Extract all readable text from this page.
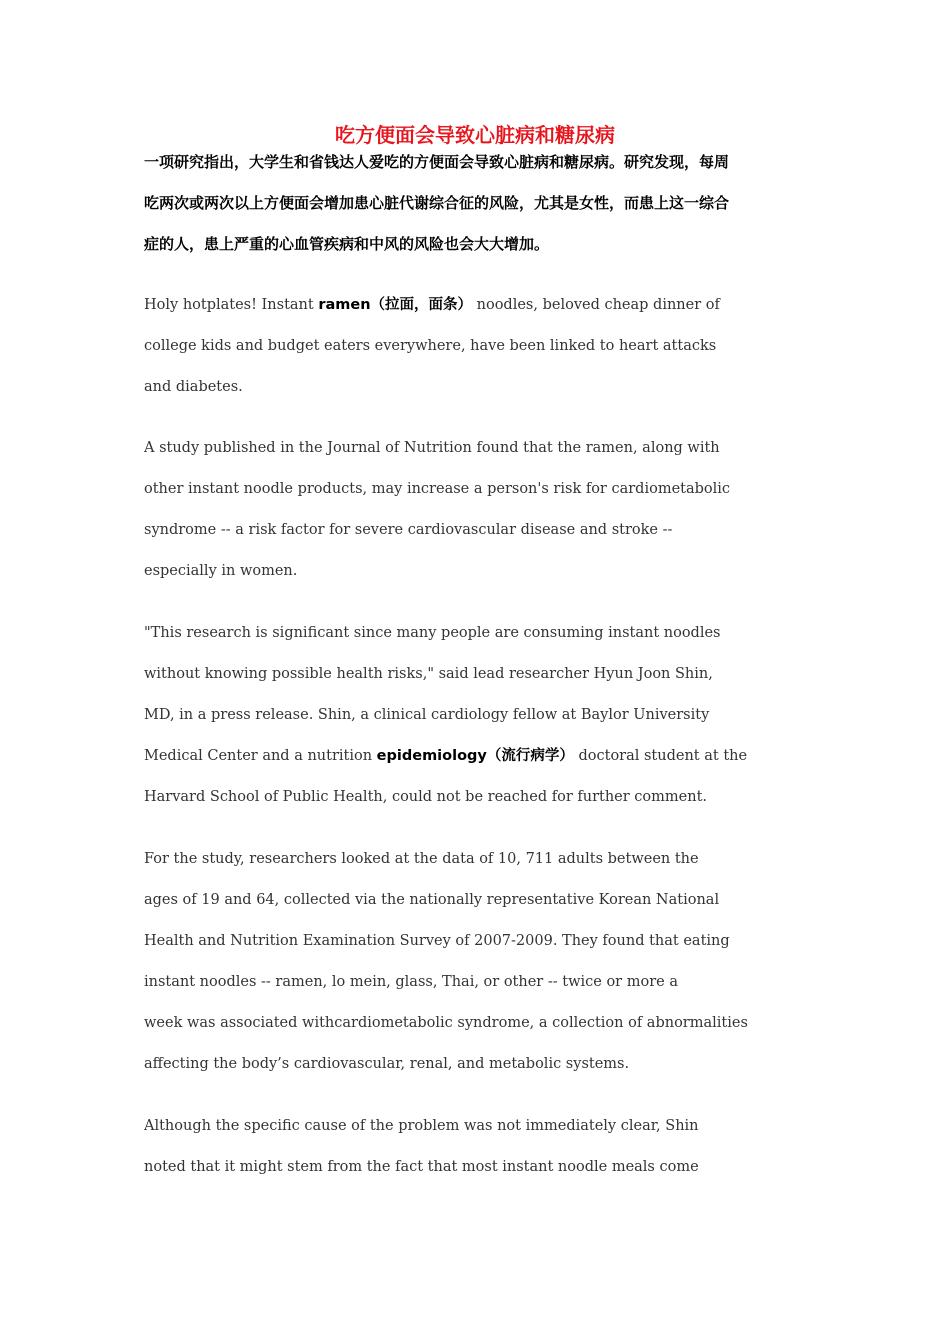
吃方便面会导致心脏病和糖尿病
一项研究指出，大学生和省钱达人爱吃的方便面会导致心脏病和糖尿病。研究发现，每周
吃两次或两次以上方便面会增加患心脏代谢综合征的风险，尤其是女性，而患上这一综合
症的人，患上严重的心血管疾病和中风的风险也会大大增加。
Holy hotplates! Instant ramen（拉面，面条） noodles, beloved cheap dinner of
college kids and budget eaters everywhere, have been linked to heart attacks
and diabetes.
A study published in the Journal of Nutrition found that the ramen, along with
other instant noodle products, may increase a person's risk for cardiometabolic
syndrome -- a risk factor for severe cardiovascular disease and stroke --
especially in women.
"This research is significant since many people are consuming instant noodles
without knowing possible health risks," said lead researcher Hyun Joon Shin,
MD, in a press release. Shin, a clinical cardiology fellow at Baylor University
Medical Center and a nutrition epidemiology（流行病学） doctoral student at the
Harvard School of Public Health, could not be reached for further comment.
For the study, researchers looked at the data of 10, 711 adults between the
ages of 19 and 64, collected via the nationally representative Korean National
Health and Nutrition Examination Survey of 2007-2009. They found that eating
instant noodles -- ramen, lo mein, glass, Thai, or other -- twice or more a
week was associated withcardiometabolic syndrome, a collection of abnormalities
affecting the body’s cardiovascular, renal, and metabolic systems.
Although the specific cause of the problem was not immediately clear, Shin
noted that it might stem from the fact that most instant noodle meals come
